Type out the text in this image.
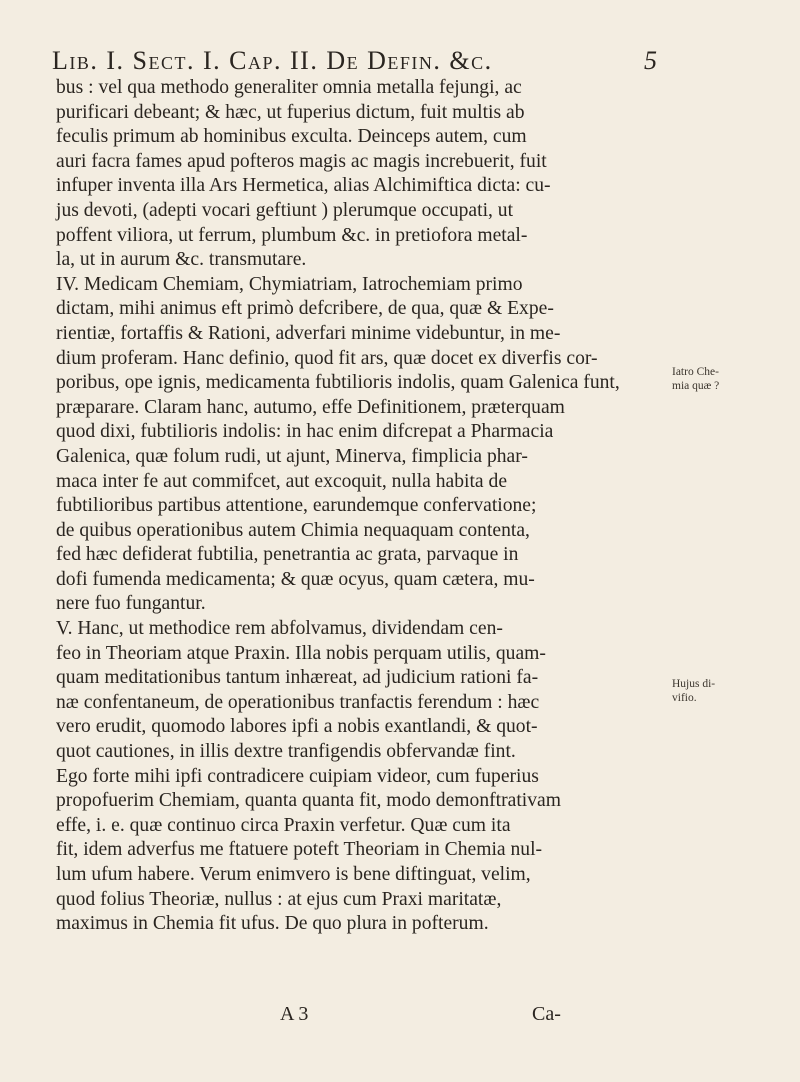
Lib. I. Sect. I. Cap. II. De Defin. &c.	5
bus : vel qua methodo generaliter omnia metalla fejungi, ac
purificari debeant; & hæc, ut fuperius dictum, fuit multis ab
feculis primum ab hominibus exculta. Deinceps autem, cum
auri facra fames apud pofteros magis ac magis increbuerit, fuit
infuper inventa illa Ars Hermetica, alias Alchimiftica dicta: cu-
jus devoti, (adepti vocari geftiunt ) plerumque occupati, ut
poffent viliora, ut ferrum, plumbum &c. in pretiofora metal-
la, ut in aurum &c. transmutare.
IV. Medicam Chemiam, Chymiatriam, Iatrochemiam primo
dictam, mihi animus eft primò defcribere, de qua, quæ & Expe-
rientiæ, fortaffis & Rationi, adverfari minime videbuntur, in me-
dium proferam. Hanc definio, quod fit ars, quæ docet ex diverfis cor-
poribus, ope ignis, medicamenta fubtilioris indolis, quam Galenica funt,
præparare. Claram hanc, autumo, effe Definitionem, præterquam
quod dixi, fubtilioris indolis: in hac enim difcrepat a Pharmacia
Galenica, quæ folum rudi, ut ajunt, Minerva, fimplicia phar-
maca inter fe aut commifcet, aut excoquit, nulla habita de
fubtilioribus partibus attentione, earundemque confervatione;
de quibus operationibus autem Chimia nequaquam contenta,
fed hæc defiderat fubtilia, penetrantia ac grata, parvaque in
dofi fumenda medicamenta; & quæ ocyus, quam cætera, mu-
nere fuo fungantur.
V. Hanc, ut methodice rem abfolvamus, dividendam cen-
feo in Theoriam atque Praxin. Illa nobis perquam utilis, quam-
quam meditationibus tantum inhæreat, ad judicium rationi fa-
næ confentaneum, de operationibus tranfactis ferendum : hæc
vero erudit, quomodo labores ipfi a nobis exantlandi, & quot-
quot cautiones, in illis dextre tranfigendis obfervandæ fint.
Ego forte mihi ipfi contradicere cuipiam videor, cum fuperius
propofuerim Chemiam, quanta quanta fit, modo demonftrativam
effe, i. e. quæ continuo circa Praxin verfetur. Quæ cum ita
fit, idem adverfus me ftatuere poteft Theoriam in Chemia nul-
lum ufum habere. Verum enimvero is bene diftinguat, velim,
quod folius Theoriæ, nullus : at ejus cum Praxi maritatæ,
maximus in Chemia fit ufus. De quo plura in pofterum.
Iatro Che-
mia quæ ?
Hujus di-
vifio.
A 3	Ca-
